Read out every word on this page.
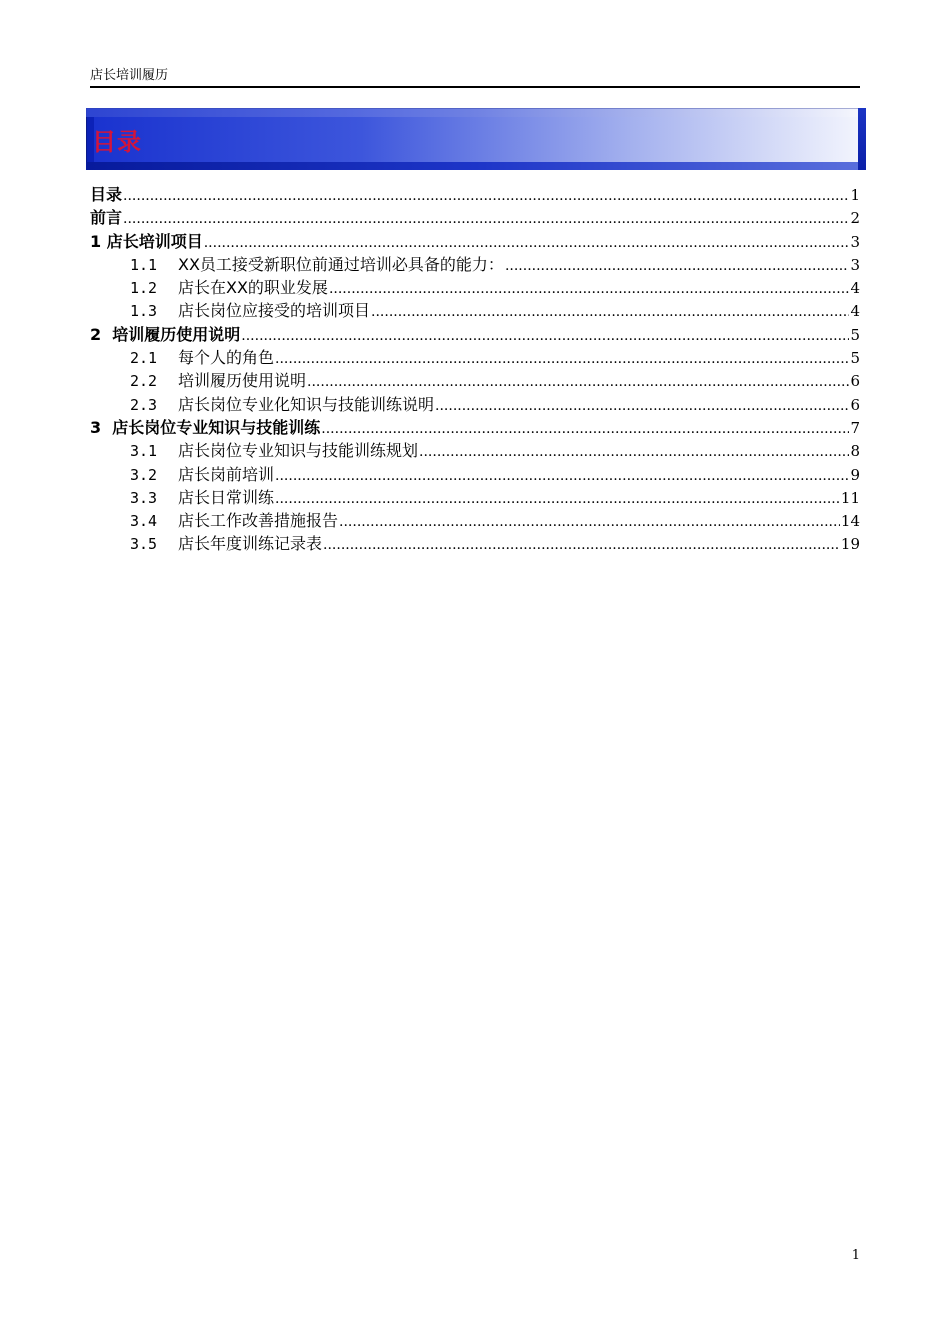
店长培训履历
目录
目录 .....	1
前言 .....	2
1 店长培训项目 .....	3
1.1	XX员工接受新职位前通过培训必具备的能力： .....	3
1.2	店长在XX的职业发展 .....	4
1.3	店长岗位应接受的培训项目 .....	4
2  培训履历使用说明 .....	5
2.1	每个人的角色 .....	5
2.2	培训履历使用说明 .....	6
2.3	店长岗位专业化知识与技能训练说明 .....	6
3  店长岗位专业知识与技能训练 .....	7
3.1	店长岗位专业知识与技能训练规划 .....	8
3.2	店长岗前培训 .....	9
3.3	店长日常训练 .....	11
3.4	店长工作改善措施报告 .....	14
3.5	店长年度训练记录表 .....	19
1
